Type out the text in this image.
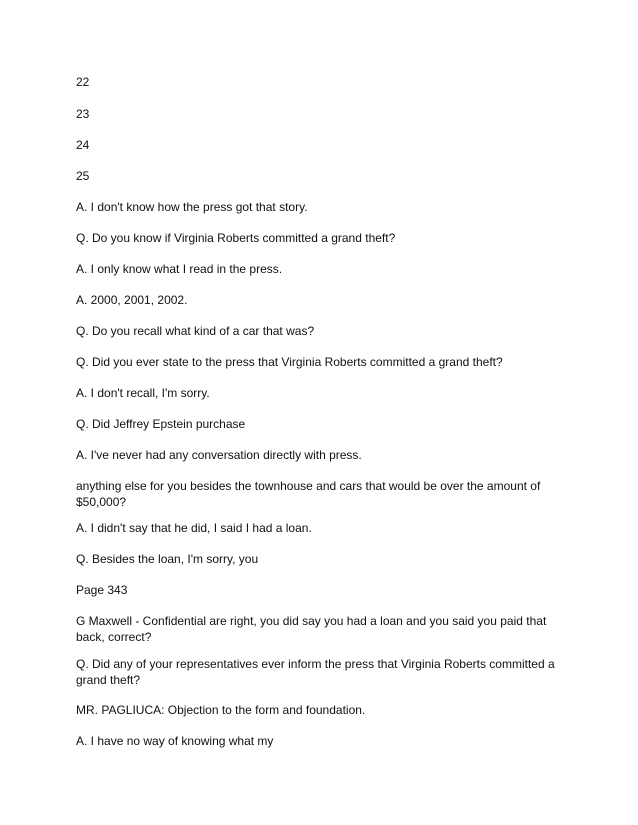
22

23

24

25

A. I don't know how the press got that story.

Q. Do you know if Virginia Roberts committed a grand theft?

A. I only know what I read in the press.

A. 2000, 2001, 2002.

Q. Do you recall what kind of a car that was?

Q. Did you ever state to the press that Virginia Roberts committed a grand theft?

A. I don't recall, I'm sorry.

Q. Did Jeffrey Epstein purchase

A. I've never had any conversation directly with press.

anything else for you besides the townhouse and cars that would be over the amount of $50,000?

A. I didn't say that he did, I said I had a loan.

Q. Besides the loan, I'm sorry, you

Page 343

G Maxwell - Confidential are right, you did say you had a loan and you said you paid that back, correct?

Q. Did any of your representatives ever inform the press that Virginia Roberts committed a grand theft?

MR. PAGLIUCA: Objection to the form and foundation.

A. I have no way of knowing what my
